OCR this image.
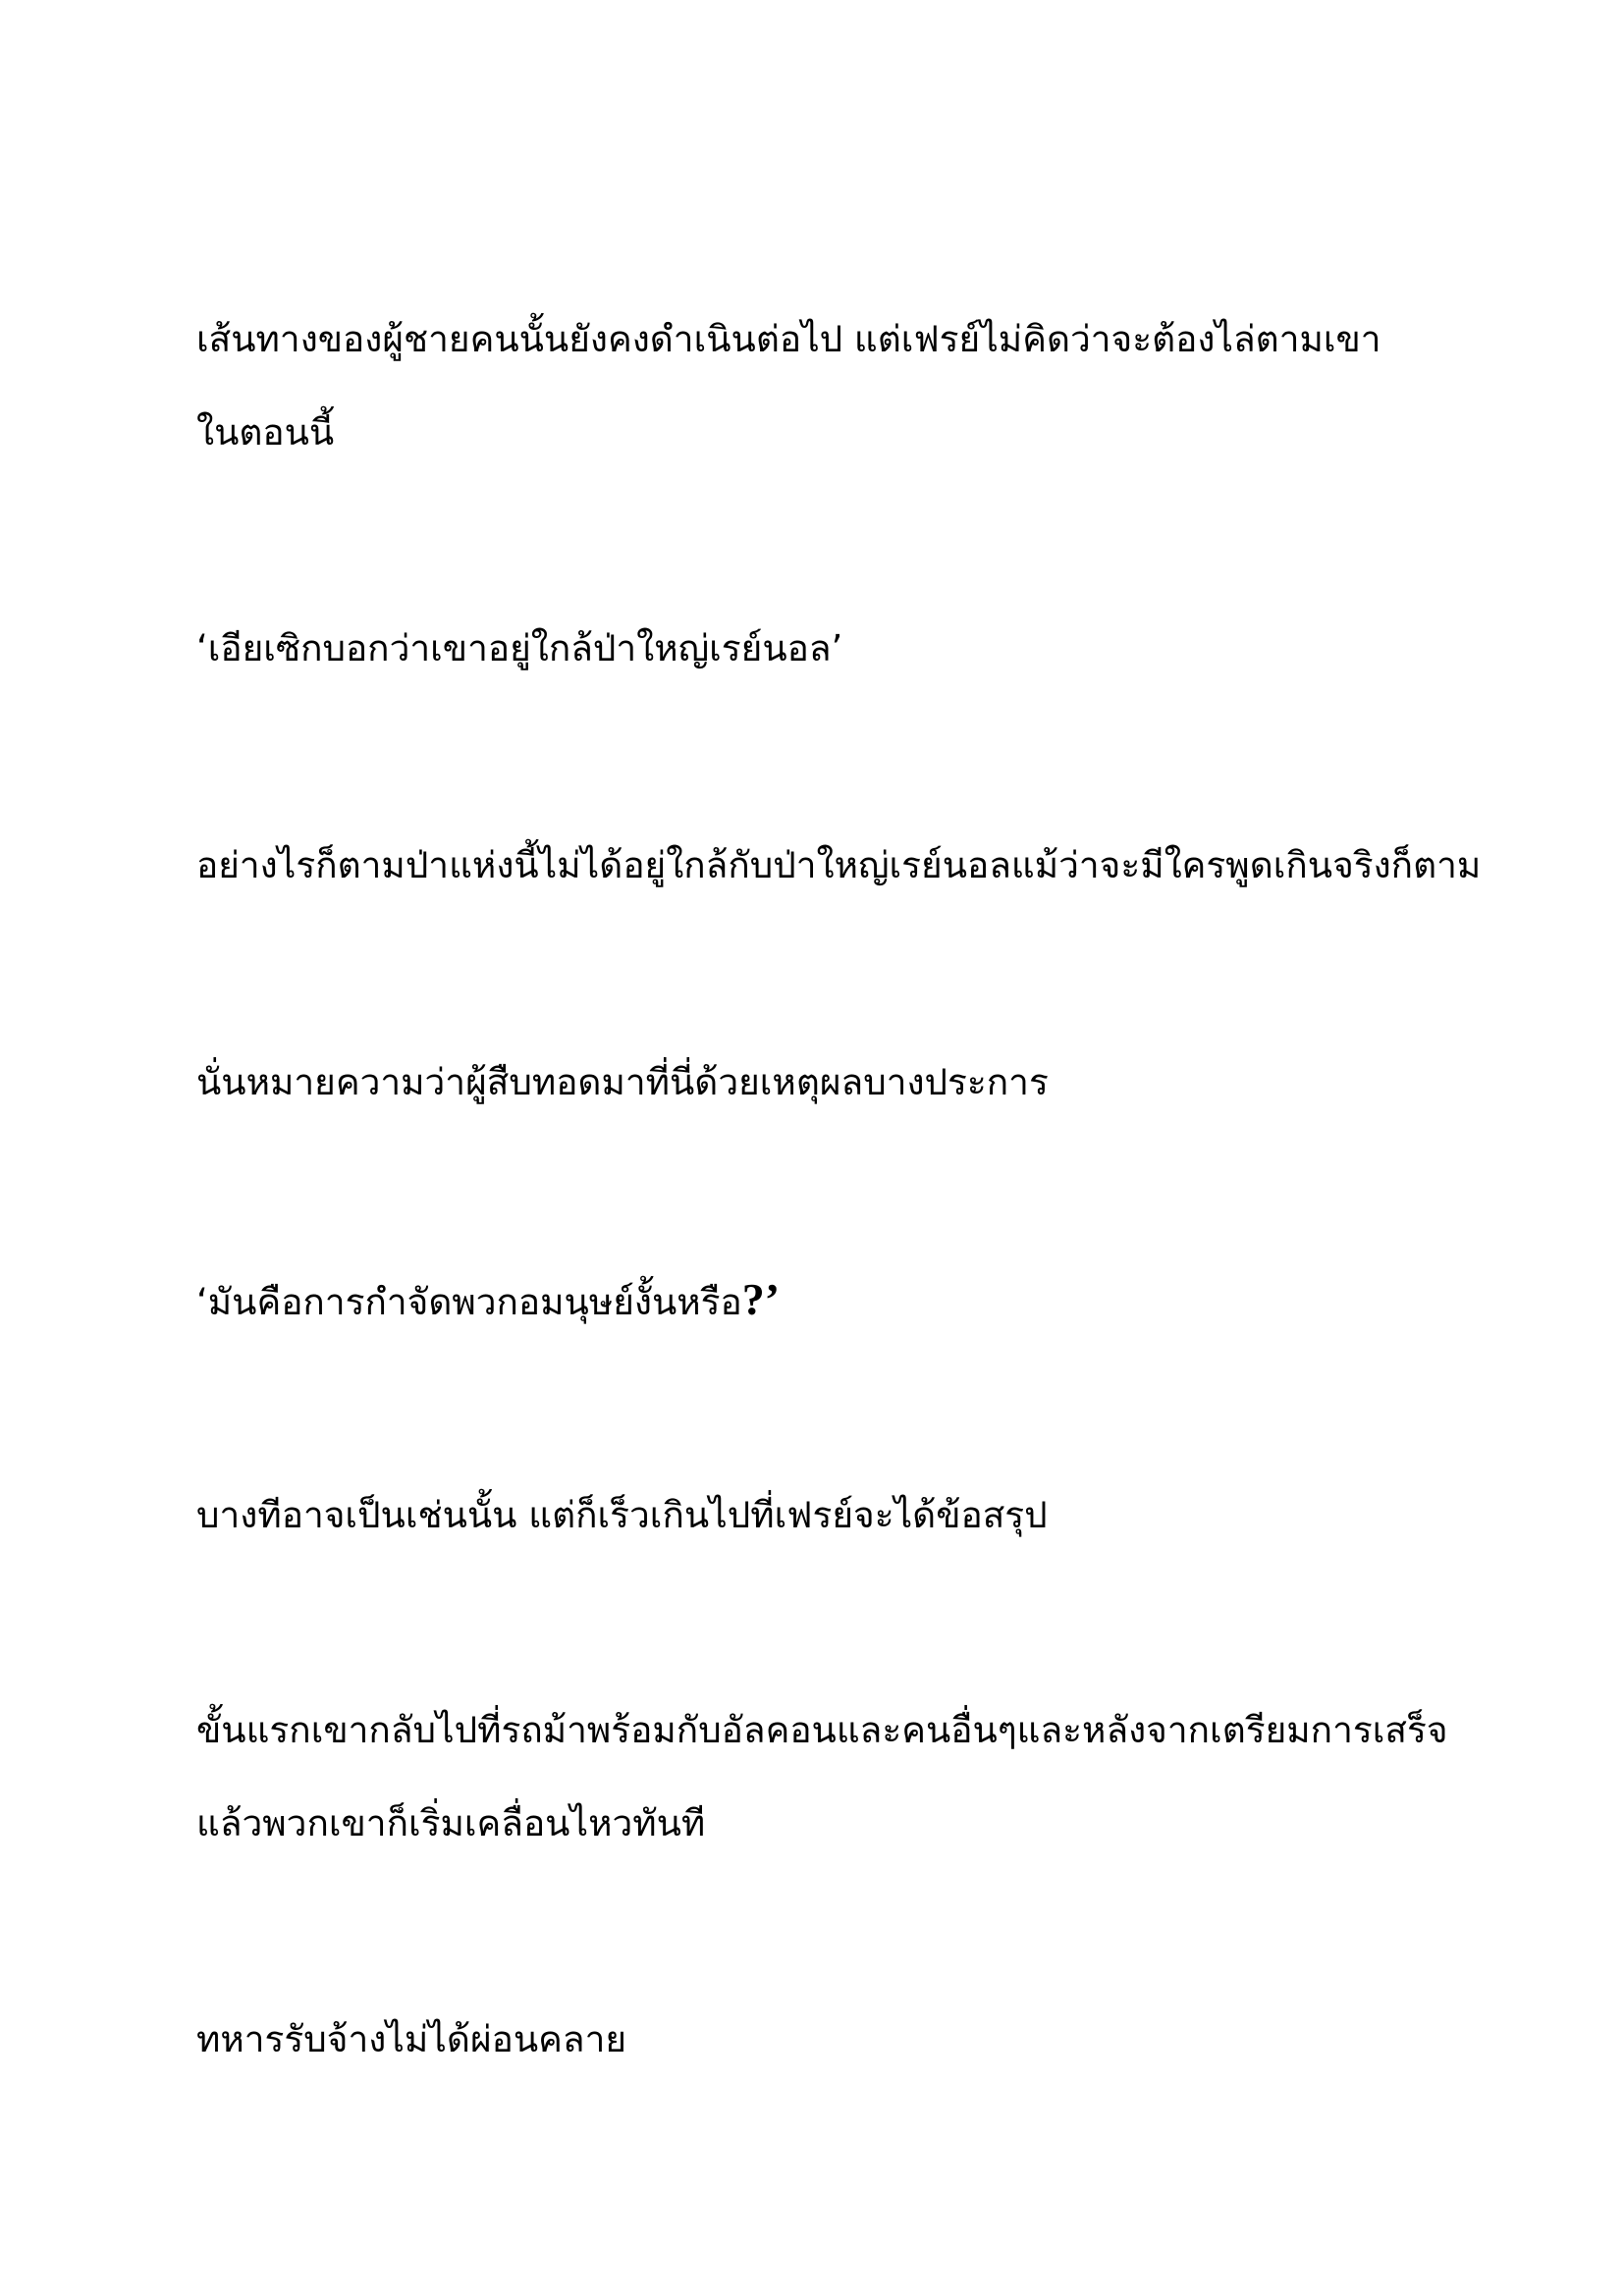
เส้นทางของผู้ชายคนนั้นยังคงดำเนินต่อไป แต่เฟรย์ไม่คิดว่าจะต้องไล่ตามเขา
ในตอนนี้

‘เอียเซิกบอกว่าเขาอยู่ใกล้ป่าใหญ่เรย์นอล’

อย่างไรก็ตามป่าแห่งนี้ไม่ได้อยู่ใกล้กับป่าใหญ่เรย์นอลแม้ว่าจะมีใครพูดเกินจริงก็ตาม

นั่นหมายความว่าผู้สืบทอดมาที่นี่ด้วยเหตุผลบางประการ

‘มันคือการกำจัดพวกอมนุษย์งั้นหรือ?’

บางทีอาจเป็นเช่นนั้น แต่ก็เร็วเกินไปที่เฟรย์จะได้ข้อสรุป

ขั้นแรกเขากลับไปที่รถม้าพร้อมกับอัลคอนและคนอื่นๆและหลังจากเตรียมการเสร็จ
แล้วพวกเขาก็เริ่มเคลื่อนไหวทันที

ทหารรับจ้างไม่ได้ผ่อนคลาย
